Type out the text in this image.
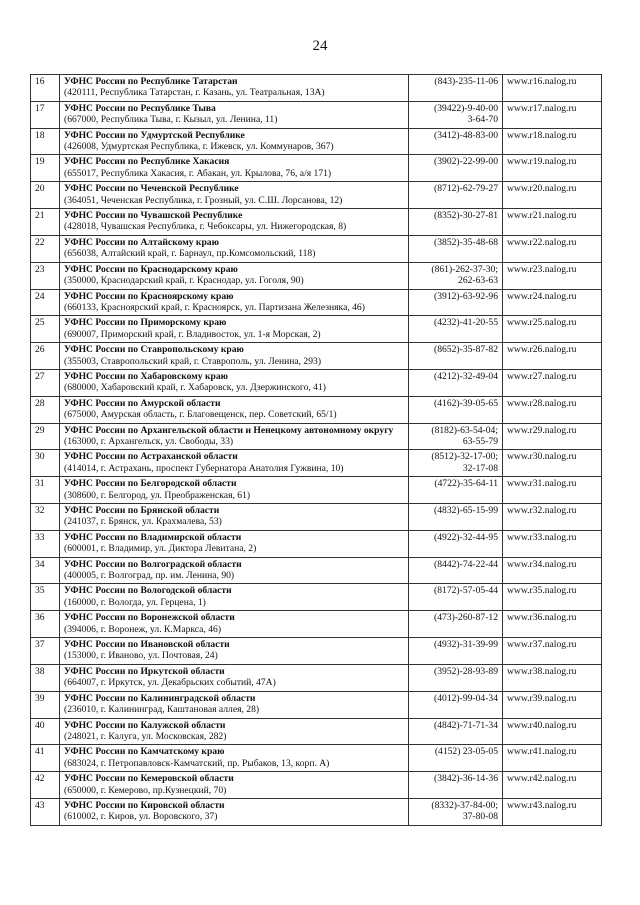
24
16	УФНС России по Республике Татарстан
(420111, Республика Татарстан, г. Казань, ул. Театральная, 13А)	(843)-235-11-06	www.r16.nalog.ru
17	УФНС России по Республике Тыва
(667000, Республика Тыва, г. Кызыл, ул. Ленина, 11)	(39422)-9-40-00
3-64-70	www.r17.nalog.ru
18	УФНС России по Удмуртской Республике
(426008, Удмуртская Республика, г. Ижевск, ул. Коммунаров, 367)	(3412)-48-83-00	www.r18.nalog.ru
19	УФНС России по Республике Хакасия
(655017, Республика Хакасия, г. Абакан, ул. Крылова, 76, а/я 171)	(3902)-22-99-00	www.r19.nalog.ru
20	УФНС России по Чеченской Республике
(364051, Чеченская Республика, г. Грозный, ул. С.Ш. Лорсанова, 12)	(8712)-62-79-27	www.r20.nalog.ru
21	УФНС России по Чувашской Республике
(428018, Чувашская Республика, г. Чебоксары, ул. Нижегородская, 8)	(8352)-30-27-81	www.r21.nalog.ru
22	УФНС России по Алтайскому краю
(656038, Алтайский край, г. Барнаул, пр.Комсомольский, 118)	(3852)-35-48-68	www.r22.nalog.ru
23	УФНС России по Краснодарскому краю
(350000, Краснодарский край, г. Краснодар, ул. Гоголя, 90)	(861)-262-37-30;
262-63-63	www.r23.nalog.ru
24	УФНС России по Красноярскому краю
(660133, Красноярский край, г. Красноярск, ул. Партизана Железняка, 46)	(3912)-63-92-96	www.r24.nalog.ru
25	УФНС России по Приморскому краю
(690007, Приморский край, г. Владивосток, ул. 1-я Морская, 2)	(4232)-41-20-55	www.r25.nalog.ru
26	УФНС России по Ставропольскому краю
(355003, Ставропольский край, г. Ставрополь, ул. Ленина, 293)	(8652)-35-87-82	www.r26.nalog.ru
27	УФНС России по Хабаровскому краю
(680000, Хабаровский край, г. Хабаровск, ул. Дзержинского, 41)	(4212)-32-49-04	www.r27.nalog.ru
28	УФНС России по Амурской области
(675000, Амурская область, г. Благовещенск, пер. Советский, 65/1)	(4162)-39-05-65	www.r28.nalog.ru
29	УФНС России по Архангельской области и Ненецкому автономному округу
(163000, г. Архангельск, ул. Свободы, 33)	(8182)-63-54-04;
63-55-79	www.r29.nalog.ru
30	УФНС России по Астраханской области
(414014, г. Астрахань, проспект Губернатора Анатолия Гужвина, 10)	(8512)-32-17-00;
32-17-08	www.r30.nalog.ru
31	УФНС России по Белгородской области
(308600, г. Белгород, ул. Преображенская, 61)	(4722)-35-64-11	www.r31.nalog.ru
32	УФНС России по Брянской области
(241037, г. Брянск, ул. Крахмалева, 53)	(4832)-65-15-99	www.r32.nalog.ru
33	УФНС России по Владимирской области
(600001, г. Владимир, ул. Диктора Левитана, 2)	(4922)-32-44-95	www.r33.nalog.ru
34	УФНС России по Волгоградской области
(400005, г. Волгоград, пр. им. Ленина, 90)	(8442)-74-22-44	www.r34.nalog.ru
35	УФНС России по Вологодской области
(160000, г. Вологда, ул. Герцена, 1)	(8172)-57-05-44	www.r35.nalog.ru
36	УФНС России по Воронежской области
(394006, г. Воронеж, ул. К.Маркса, 46)	(473)-260-87-12	www.r36.nalog.ru
37	УФНС России по Ивановской области
(153000, г. Иваново, ул. Почтовая, 24)	(4932)-31-39-99	www.r37.nalog.ru
38	УФНС России по Иркутской области
(664007, г. Иркутск, ул. Декабрьских событий, 47А)	(3952)-28-93-89	www.r38.nalog.ru
39	УФНС России по Калининградской области
(236010, г. Калининград, Каштановая аллея, 28)	(4012)-99-04-34	www.r39.nalog.ru
40	УФНС России по Калужской области
(248021, г. Калуга, ул. Московская, 282)	(4842)-71-71-34	www.r40.nalog.ru
41	УФНС России по Камчатскому краю
(683024, г. Петропавловск-Камчатский, пр. Рыбаков, 13, корп. А)	(4152) 23-05-05	www.r41.nalog.ru
42	УФНС России по Кемеровской области
(650000, г. Кемерово, пр.Кузнецкий, 70)	(3842)-36-14-36	www.r42.nalog.ru
43	УФНС России по Кировской области
(610002, г. Киров, ул. Воровского, 37)	(8332)-37-84-00;
37-80-08	www.r43.nalog.ru
